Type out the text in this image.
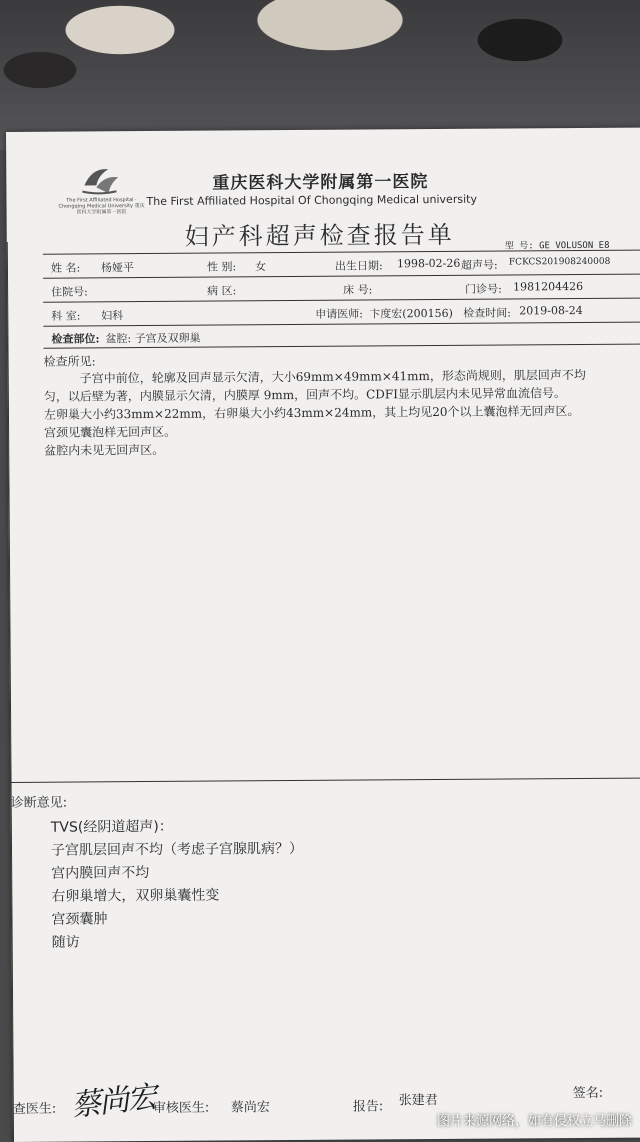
The First Affiliated Hospital · Chongqing Medical University 重庆医科大学附属第一医院
重庆医科大学附属第一医院
The First Affiliated Hospital Of Chongqing Medical university
妇产科超声检查报告单	型 号: GE VOLUSON E8
姓 名: 杨娅平	性 别: 女	出生日期: 1998-02-26 超声号: FCKCS201908240008
住院号:	病 区:	床 号:	门诊号: 1981204426
科 室: 妇科	申请医师: 卞度宏(200156) 检查时间: 2019-08-24
检查部位: 盆腔: 子宫及双卵巢
检查所见:

子宫中前位，轮廓及回声显示欠清，大小69mm×49mm×41mm，形态尚规则，肌层回声不均

匀，以后壁为著，内膜显示欠清，内膜厚 9mm，回声不均。CDFI显示肌层内未见异常血流信号。

左卵巢大小约33mm×22mm，右卵巢大小约43mm×24mm，其上均见20个以上囊泡样无回声区。

宫颈见囊泡样无回声区。

盆腔内未见无回声区。

诊断意见:
TVS(经阴道超声)：
子宫肌层回声不均（考虑子宫腺肌病？）
宫内膜回声不均
右卵巢增大，双卵巢囊性变
宫颈囊肿
随访
查医生:	审核医生: 蔡尚宏	报告: 张建君	签名:
蔡尚宏	图片来源网络，如有侵权立马删除
